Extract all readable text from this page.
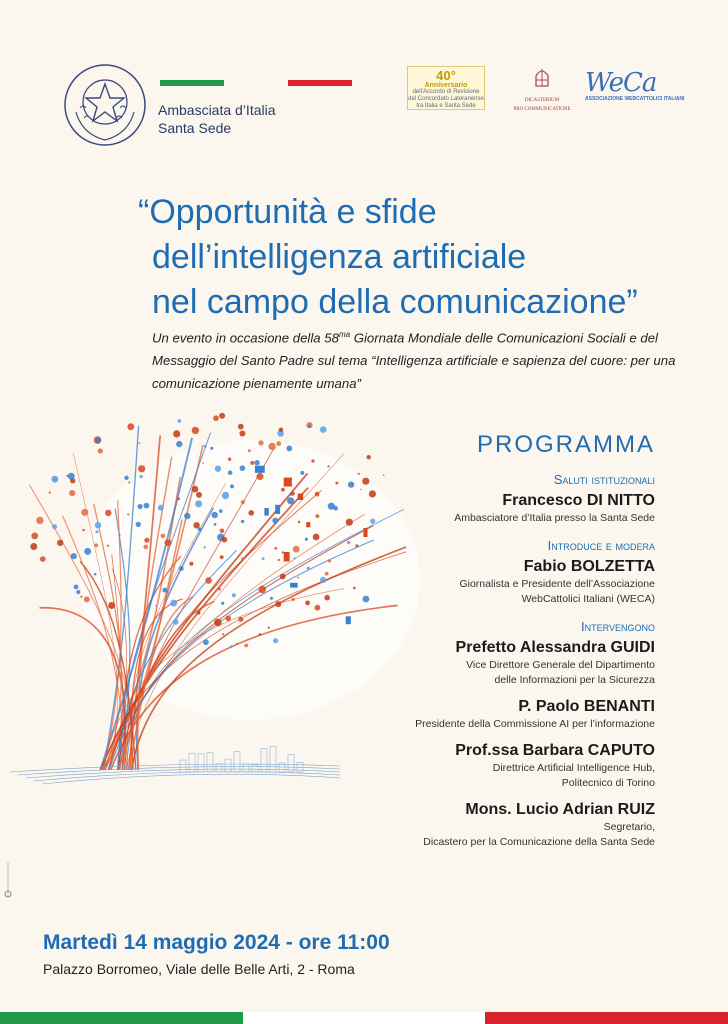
Ambasciata d’Italia
Santa Sede
40°
Anniversario
dell'Accordo di Revisione
del Concordato Lateranense
tra Italia e Santa Sede
DICASTERIUM
PRO COMMUNICATIONE
WeCa
ASSOCIAZIONE WEBCATTOLICI ITALIANI
“Opportunità e sfide
dell’intelligenza artificiale
nel campo della comunicazione”
Un evento in occasione della $58^{ma}$ Giornata Mondiale delle Comunicazioni Sociali e del Messaggio del Santo Padre sul tema “Intelligenza artificiale e sapienza del cuore: per una comunicazione pienamente umana”
PROGRAMMA
Saluti istituzionali
Francesco DI NITTO
Ambasciatore d’Italia presso la Santa Sede
Introduce e modera
Fabio BOLZETTA
Giornalista e Presidente dell’Associazione
WebCattolici Italiani (WECA)
Intervengono
Prefetto Alessandra GUIDI
Vice Direttore Generale del Dipartimento
delle Informazioni per la Sicurezza
P. Paolo BENANTI
Presidente della Commissione AI per l’informazione
Prof.ssa Barbara CAPUTO
Direttrice Artificial Intelligence Hub,
Politecnico di Torino
Mons. Lucio Adrian RUIZ
Segretario,
Dicastero per la Comunicazione della Santa Sede
Martedì 14 maggio 2024 - ore 11:00
Palazzo Borromeo, Viale delle Belle Arti, 2 - Roma
